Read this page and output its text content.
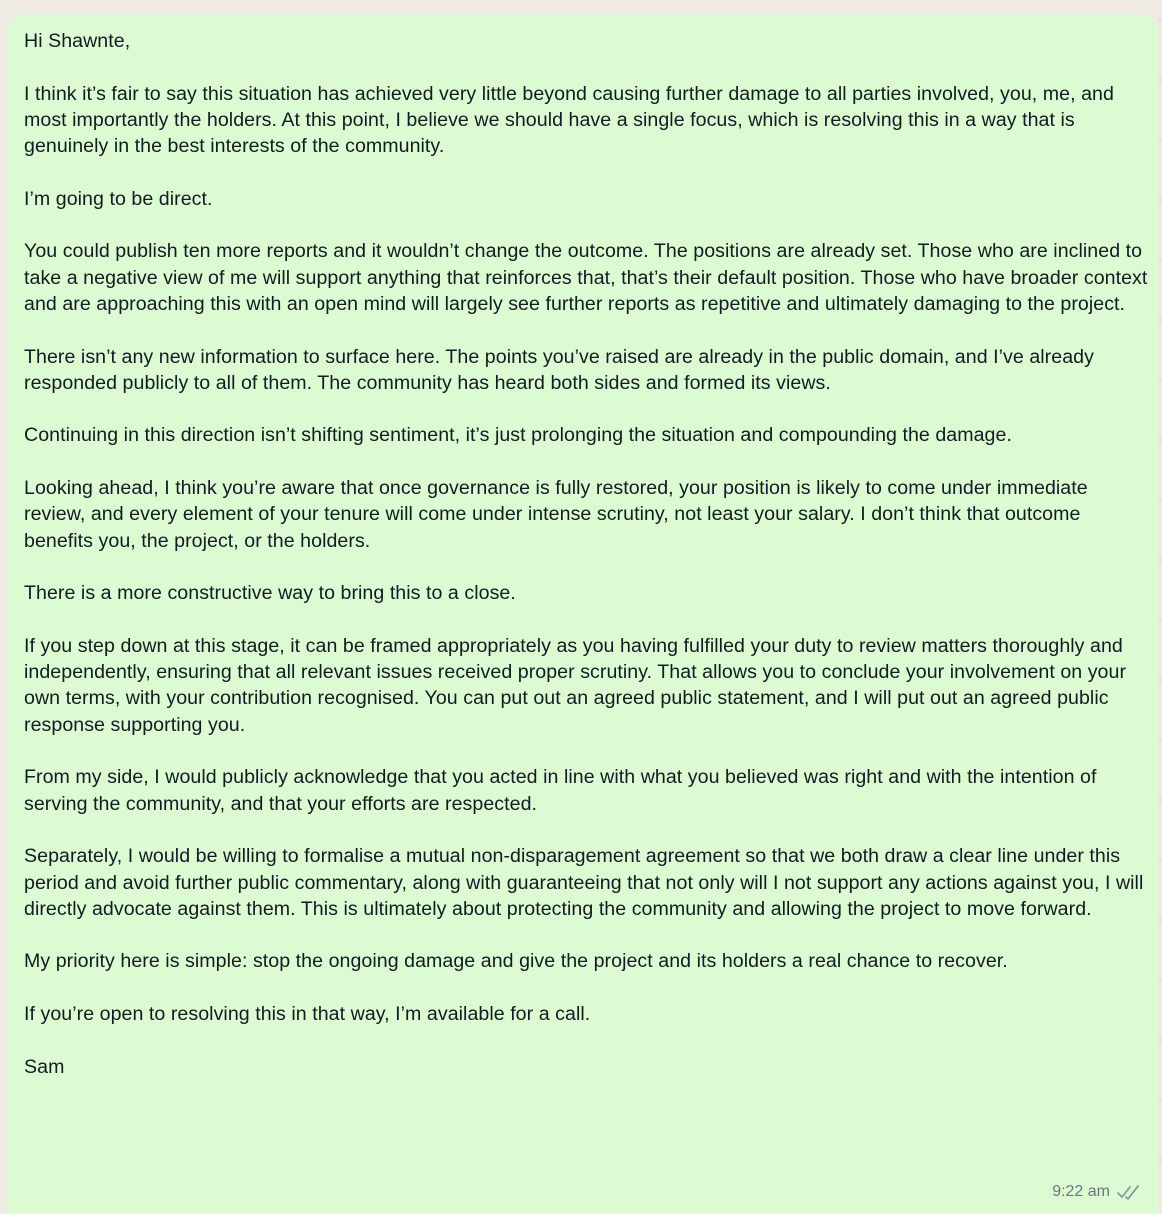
Hi Shawnte,

I think it’s fair to say this situation has achieved very little beyond causing further damage to all parties involved, you, me, and most importantly the holders. At this point, I believe we should have a single focus, which is resolving this in a way that is genuinely in the best interests of the community.

I’m going to be direct.

You could publish ten more reports and it wouldn’t change the outcome. The positions are already set. Those who are inclined to take a negative view of me will support anything that reinforces that, that’s their default position. Those who have broader context and are approaching this with an open mind will largely see further reports as repetitive and ultimately damaging to the project.

There isn’t any new information to surface here. The points you’ve raised are already in the public domain, and I’ve already responded publicly to all of them. The community has heard both sides and formed its views.

Continuing in this direction isn’t shifting sentiment, it’s just prolonging the situation and compounding the damage.

Looking ahead, I think you’re aware that once governance is fully restored, your position is likely to come under immediate review, and every element of your tenure will come under intense scrutiny, not least your salary. I don’t think that outcome benefits you, the project, or the holders.

There is a more constructive way to bring this to a close.

If you step down at this stage, it can be framed appropriately as you having fulfilled your duty to review matters thoroughly and independently, ensuring that all relevant issues received proper scrutiny. That allows you to conclude your involvement on your own terms, with your contribution recognised. You can put out an agreed public statement, and I will put out an agreed public response supporting you.

From my side, I would publicly acknowledge that you acted in line with what you believed was right and with the intention of serving the community, and that your efforts are respected.

Separately, I would be willing to formalise a mutual non-disparagement agreement so that we both draw a clear line under this period and avoid further public commentary, along with guaranteeing that not only will I not support any actions against you, I will directly advocate against them. This is ultimately about protecting the community and allowing the project to move forward.

My priority here is simple: stop the ongoing damage and give the project and its holders a real chance to recover.

If you’re open to resolving this in that way, I’m available for a call.

Sam

9:22 am
